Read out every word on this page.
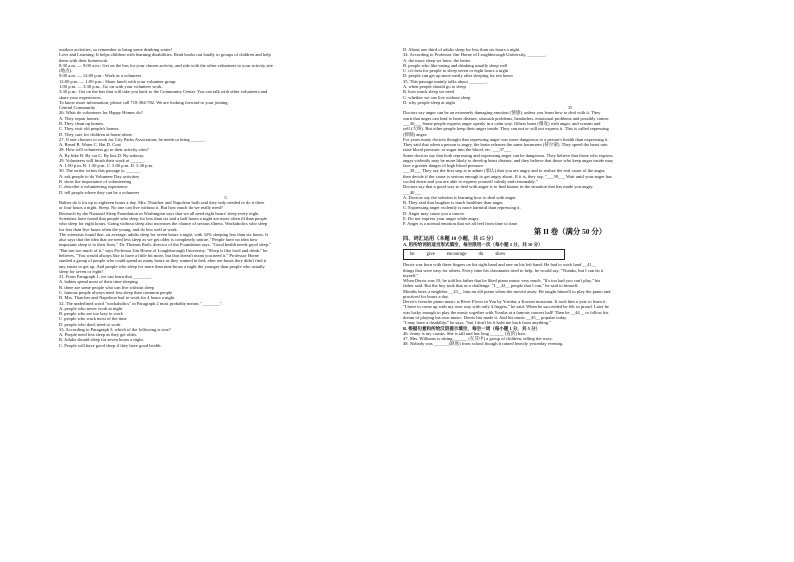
outdoor activities, so remember to bring some drinking water!
Love and Learning: It helps children with learning disabilities. Read books out loudly to groups of children and help
them with their homework.
8:30 a.m. — 9:00 a.m.: Get on the bus for your chosen activity, and ride with the other volunteers to your activity site
(地点).
9:00 a.m. — 12:00 p.m.: Work as a volunteer.
12:00 p.m. — 1:00 p.m.: Share lunch with your volunteer group.
1:00 p.m. — 3:30 p.m.: Go on with your volunteer work.
3:30 p.m.: Get on the bus that will take you back to the Community Center. You can talk with other volunteers and
share your experiences.
To know more information, please call 718-384-782. We are looking forward to your joining.
Central Community
26. What do volunteers for Happy Homes do?
A. They repair homes.
B. They clean up homes.
C. They visit old people's homes.
D. They care for children at home alone.
27. If one chooses to work for City Parks Association, he needs to bring ______.
A. Bread B. Water C. Hat D. Coat
28. How will volunteers go to their activity sites?
A. By bike B. By car C. By bus D. By subway.
29. Volunteers will finish their work at ______.
A. 1:00 p.m. B. 1:30 p.m. C. 3:00 p.m. D. 3:30 p.m.
30. The writer writes this passage to ______.
A. ask people to do Volunteer Day activities
B. show the importance of volunteering
C. describe a volunteering experience
D. tell people where they can be a volunteer
C
Babies do it for up to eighteen hours a day. Mrs. Thatcher and Napoleon both said they only needed to do it three
or four hours a night. Sleep. No one can live without it. But how much do we really need?
Research by the National Sleep Foundation in Washington says that we all need eight hours' sleep every night.
Scientists have found that people who sleep for less than six and a half hours a night are more often ill than people
who sleep for eight hours. Going without sleep also increases the chance of serious illness. Workaholics who sleep
for less than five hours often die young, and do less well at work.
The scientists found that, on average, adults sleep for seven hours a night, with 32% sleeping less than six hours. It
also says that the idea that we need less sleep as we get older is completely untrue. "People have no idea how
important sleep is to their lives," Dr. Thomas Roth, director of the Foundation says. "Good health needs good sleep."
"But not too much of it," says Professor Jim Horne of Loughborough University. "Sleep is like food and drink," he
believes, "You would always like to have a little bit more, but that doesn't mean you need it." Professor Horne
studied a group of people who could spend as many hours as they wanted in bed; after ten hours they didn't find it
any easier to get up. And people who sleep for more than nine hours a night die younger than people who usually
sleep for seven or eight!
31. From Paragraph 1, we can learn that ________.
A. babies spend most of their time sleeping
B. there are some people who can live without sleep
C. famous people always need less sleep than common people
D. Mrs. Thatcher and Napoleon had to work for 4 hours a night
32. The underlined word "workaholics" in Paragraph 2 most probably means "________".
A. people who never work at night
B. people who are too lazy to work
C. people who work most of the time
D. people who don't need to work
33. According to Paragraph 3, which of the following is true?
A. People need less sleep as they get older.
B. Adults should sleep for seven hours a night.
C. People will have good sleep if they have good health.
D. About one third of adults sleep for less than six hours a night.
34. According to Professor Jim Horne of Loughborough University, ________.
A. the more sleep we have, the better
B. people who like eating and drinking usually sleep well
C. it's best for people to sleep seven or eight hours a night
D. people can get up more easily after sleeping for ten hours
35. This passage mainly talks about ________.
A. when people should go to sleep
B. how much sleep we need
C. whether we can live without sleep
D. why people sleep at night
D
Doctors say anger can be an extremely damaging emotion (情感), unless you learn how to deal with it. They
warn that anger can lead to heart disease, stomach problems, headaches, emotional problems and possibly cancer.
___36___ Some people express anger openly in a calm way. Others burst (爆发) with anger, and scream and
yell (大叫). But other people keep their anger inside. They can not or will not express it. This is called repressing
(抑制) anger.
For years many doctors thought that repressing anger was more dangerous to a person's health than expressing it.
They said that when a person is angry, the brain releases the same hormones (荷尔蒙). They speed the heart rate,
raise blood pressure, or sugar into the blood, etc. ___37___
Some doctors say that both repressing and expressing anger can be dangerous. They believe that those who express
anger violently may be more likely to develop heart disease, and they believe that those who keep anger inside may
face a greater danger of high blood pressure.
___38___ They say the first step is to admit (承认) that you are angry and to realize the real cause of the anger,
then decide if the cause is serious enough to get angry about. If it is, they say, "___39___ Wait until your anger has
cooled down and you are able to express yourself calmly and reasonably."
Doctors say that a good way to deal with anger is to find humor in the situation that has made you angry.
___40___
A. Doctors say the solution is learning how to deal with anger.
B. They said that laughter is much healthier than anger.
C. Expressing anger violently is more harmful than repressing it.
D. Anger may cause you a cancer.
E. Do not express your anger while angry.
F. Anger is a normal emotion that we all feel from time to time.
第 II 卷（满分 50 分）
四、词汇运用（本题 10 小题，共 15 分）
A. 用所给词的适当形式填空，每空限用一次（每小题 2 分，共 10 分）
be	give	encourage	do	show
Derris was born with three fingers on his right hand and one on his left hand. He had to work hard __41__
things that were easy for others. Every time his classmates tried to help, he would say, "Thanks, but I can do it
myself."
When Derris was 10, he told his father that he liked piano music very much. "It's too bad you can't play," his
father said. But the boy took that as a challenge. "I __42__ people that I can," he said to himself.
Months later, a neighbor __43__ him an old piano when she moved away. He taught himself to play the piano and
practiced for hours a day.
Derris's favorite piano music is River Flows in You by Yoruba, a Korean musician. It took him a year to learn it.
"I have to come up with my own way with only 4 fingers," he said. When he succeeded he felt so proud. Later he
was lucky enough to play the music together with Yoruba at a famous concert hall! Then he __44__ to follow his
dream of playing his own music. Derris has made it. And his music __45__ popular today.
"I may have a disability," he says, "but I don't let it hold me back from anything."
B. 根据句意和所给汉语提示填空，每空一词（每小题 1 分，共 5 分）
46. Jenny is my cousin. She is tall and has long ______ (直的) hair.
47. Mrs. Williams is sitting ______ (在其中) a group of children, telling the story.
48. Nobody was ______ (缺席) from school though it rained heavily yesterday evening.
